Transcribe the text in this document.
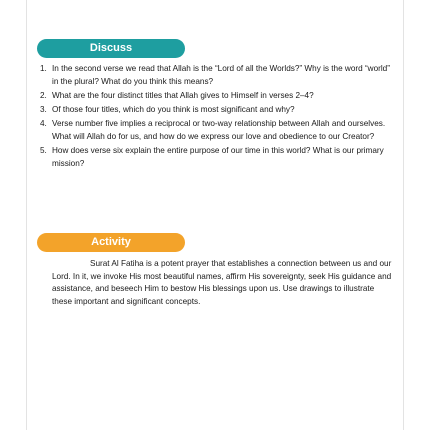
Discuss
1. In the second verse we read that Allah is the “Lord of all the Worlds?” Why is the word “world” in the plural? What do you think this means?
2. What are the four distinct titles that Allah gives to Himself in verses 2–4?
3. Of those four titles, which do you think is most significant and why?
4. Verse number five implies a reciprocal or two-way relationship between Allah and ourselves. What will Allah do for us, and how do we express our love and obedience to our Creator?
5. How does verse six explain the entire purpose of our time in this world? What is our primary mission?
Activity

Surat Al Fatiha is a potent prayer that establishes a connection between us and our Lord. In it, we invoke His most beautiful names, affirm His sovereignty, seek His guidance and assistance, and beseech Him to bestow His blessings upon us. Use drawings to illustrate these important and significant concepts.
